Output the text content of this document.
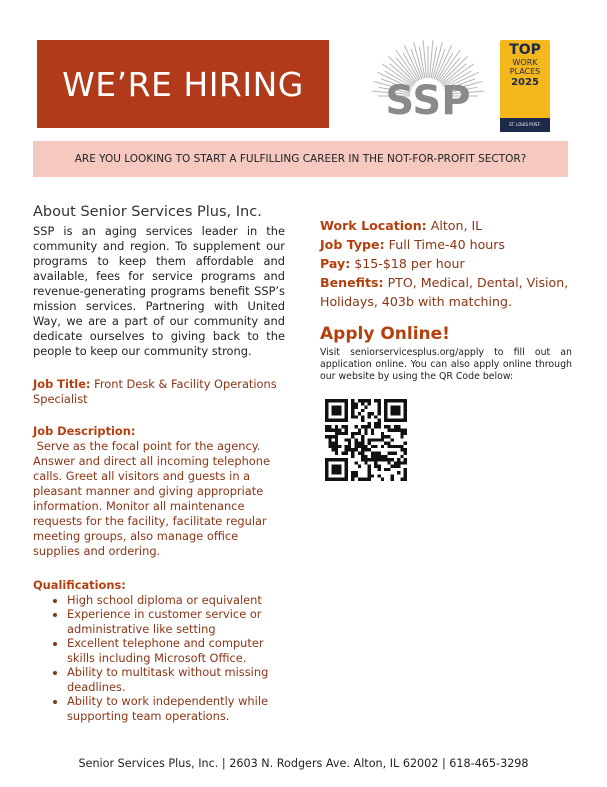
WE’RE HIRING SSP
TOP
WORK
PLACES
2025
ST. LOUIS POST-DISPATCH
ARE YOU LOOKING TO START A FULFILLING CAREER IN THE NOT-FOR-PROFIT SECTOR?
About Senior Services Plus, Inc.

SSP is an aging services leader in the community and region. To supplement our programs to keep them affordable and available, fees for service programs and revenue-generating programs benefit SSP’s mission services. Partnering with United Way, we are a part of our community and dedicate ourselves to giving back to the people to keep our community strong.

Job Title: Front Desk & Facility Operations Specialist

Job Description:

Serve as the focal point for the agency. Answer and direct all incoming telephone calls. Greet all visitors and guests in a pleasant manner and giving appropriate information. Monitor all maintenance requests for the facility, facilitate regular meeting groups, also manage office supplies and ordering.

Qualifications:
• High school diploma or equivalent
• Experience in customer service or administrative like setting
• Excellent telephone and computer skills including Microsoft Office.
• Ability to multitask without missing deadlines.
• Ability to work independently while supporting team operations.
Work Location: Alton, IL
Job Type: Full Time-40 hours
Pay: $15-$18 per hour
Benefits: PTO, Medical, Dental, Vision, Holidays, 403b with matching.
Apply Online!

Visit seniorservicesplus.org/apply to fill out an application online. You can also apply online through our website by using the QR Code below:

Senior Services Plus, Inc. | 2603 N. Rodgers Ave. Alton, IL 62002 | 618-465-3298
